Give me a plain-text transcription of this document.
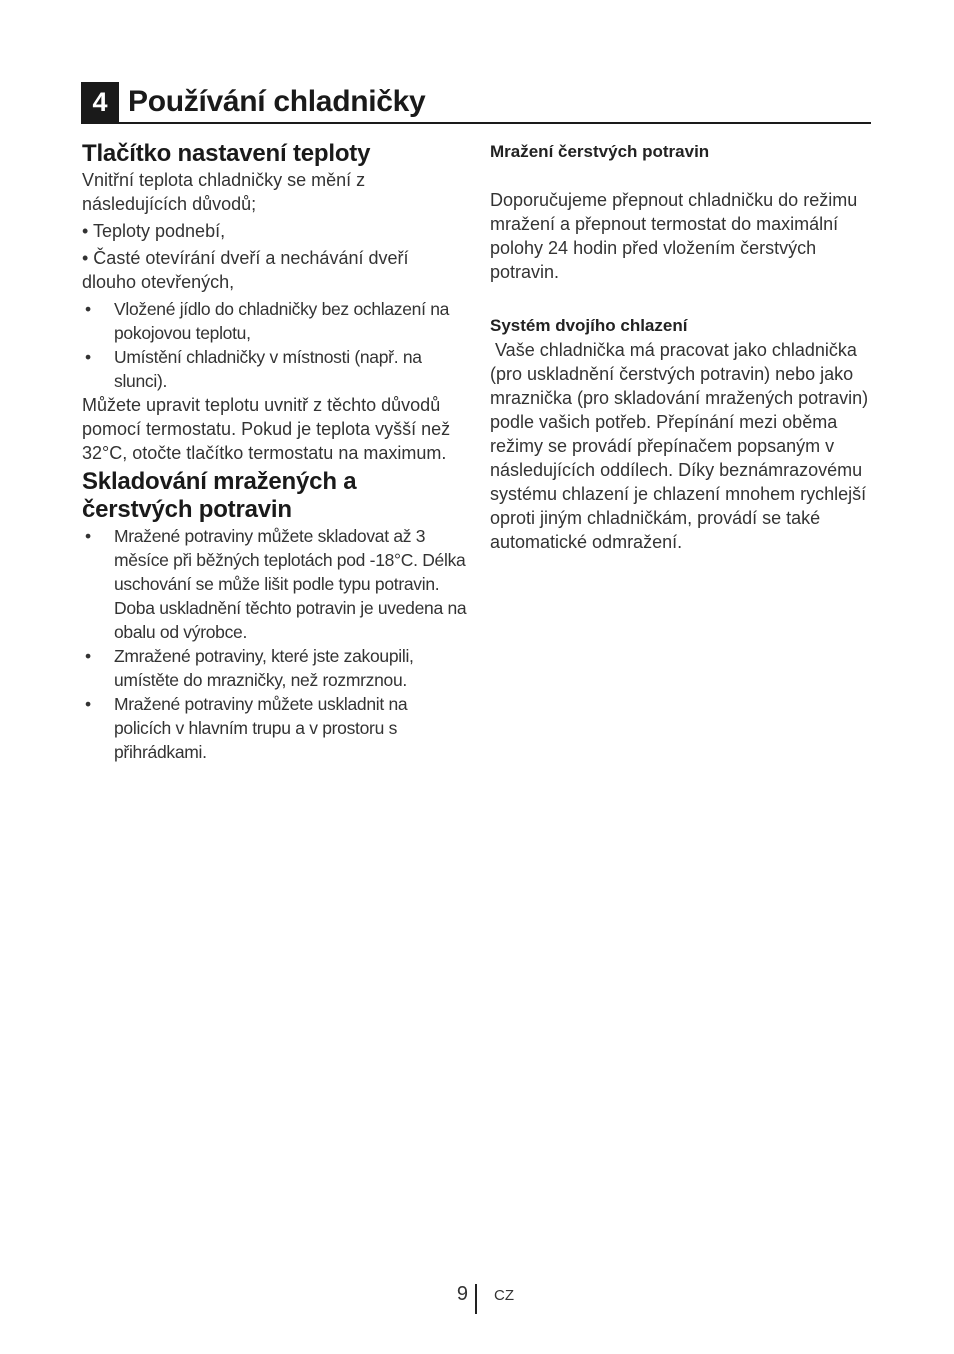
4 Používání chladničky
Tlačítko nastavení teploty

Vnitřní teplota chladničky se mění z následujících důvodů;

• Teploty podnebí,

• Časté otevírání dveří a nechávání dveří dlouho otevřených,

• Vložené jídlo do chladničky bez ochlazení na pokojovou teplotu,
• Umístění chladničky v místnosti (např. na slunci).

Můžete upravit teplotu uvnitř z těchto důvodů pomocí termostatu. Pokud je teplota vyšší než 32°C, otočte tlačítko termostatu na maximum.

Skladování mražených a čerstvých potravin
• Mražené potraviny můžete skladovat až 3 měsíce při běžných teplotách pod -18°C. Délka uschování se může lišit podle typu potravin. Doba uskladnění těchto potravin je uvedena na obalu od výrobce.
• Zmražené potraviny, které jste zakoupili, umístěte do mrazničky, než rozmrznou.
• Mražené potraviny můžete uskladnit na policích v hlavním trupu a v prostoru s přihrádkami.
Mražení čerstvých potravin

Doporučujeme přepnout chladničku do režimu mražení a přepnout termostat do maximální polohy 24 hodin před vložením čerstvých potravin.

Systém dvojího chlazení

Vaše chladnička má pracovat jako chladnička (pro uskladnění čerstvých potravin) nebo jako mraznička (pro skladování mražených potravin) podle vašich potřeb. Přepínání mezi oběma režimy se provádí přepínačem popsaným v následujících oddílech. Díky beznámrazovému systému chlazení je chlazení mnohem rychlejší oproti jiným chladničkám, provádí se také automatické odmražení.

9 CZ
